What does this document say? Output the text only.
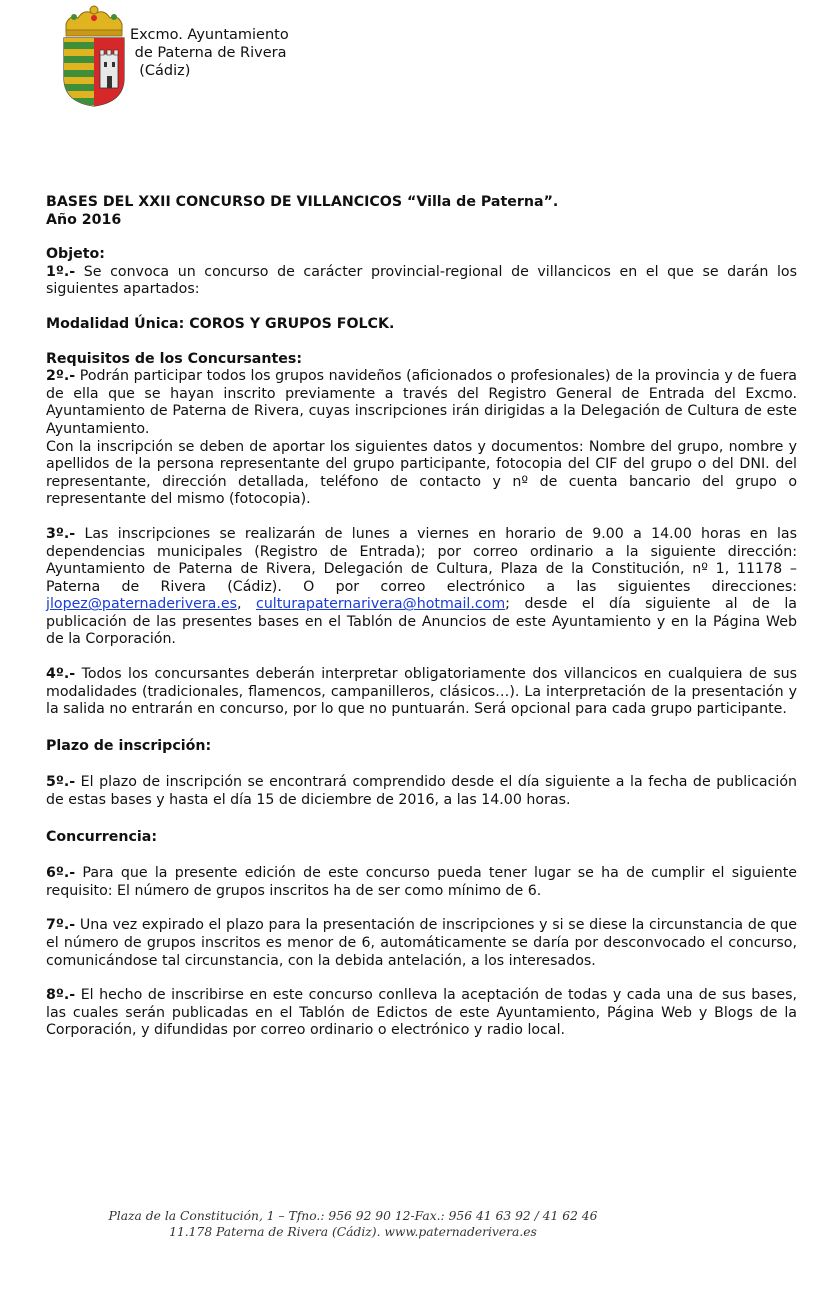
Excmo. Ayuntamiento
de Paterna de Rivera
(Cádiz)

BASES DEL XXII CONCURSO DE VILLANCICOS “Villa de Paterna”.
Año 2016

Objeto:

1º.- Se convoca un concurso de carácter provincial-regional de villancicos en el que se darán los siguientes apartados:

Modalidad Única: COROS Y GRUPOS FOLCK.

Requisitos de los Concursantes:

2º.- Podrán participar todos los grupos navideños (aficionados o profesionales) de la provincia y de fuera de ella que se hayan inscrito previamente a través del Registro General de Entrada del Excmo. Ayuntamiento de Paterna de Rivera, cuyas inscripciones irán dirigidas a la Delegación de Cultura de este Ayuntamiento.

Con la inscripción se deben de aportar los siguientes datos y documentos: Nombre del grupo, nombre y apellidos de la persona representante del grupo participante, fotocopia del CIF del grupo o del DNI. del representante, dirección detallada, teléfono de contacto y nº de cuenta bancario del grupo o representante del mismo (fotocopia).

3º.- Las inscripciones se realizarán de lunes a viernes en horario de 9.00 a 14.00 horas en las dependencias municipales (Registro de Entrada); por correo ordinario a la siguiente dirección: Ayuntamiento de Paterna de Rivera, Delegación de Cultura, Plaza de la Constitución, nº 1, 11178 – Paterna de Rivera (Cádiz). O por correo electrónico a las siguientes direcciones: jlopez@paternaderivera.es, culturapaternarivera@hotmail.com; desde el día siguiente al de la publicación de las presentes bases en el Tablón de Anuncios de este Ayuntamiento y en la Página Web de la Corporación.

4º.- Todos los concursantes deberán interpretar obligatoriamente dos villancicos en cualquiera de sus modalidades (tradicionales, flamencos, campanilleros, clásicos…). La interpretación de la presentación y la salida no entrarán en concurso, por lo que no puntuarán. Será opcional para cada grupo participante.

Plazo de inscripción:

5º.- El plazo de inscripción se encontrará comprendido desde el día siguiente a la fecha de publicación de estas bases y hasta el día 15 de diciembre de 2016, a las 14.00 horas.

Concurrencia:

6º.- Para que la presente edición de este concurso pueda tener lugar se ha de cumplir el siguiente requisito: El número de grupos inscritos ha de ser como mínimo de 6.

7º.- Una vez expirado el plazo para la presentación de inscripciones y si se diese la circunstancia de que el número de grupos inscritos es menor de 6, automáticamente se daría por desconvocado el concurso, comunicándose tal circunstancia, con la debida antelación, a los interesados.

8º.- El hecho de inscribirse en este concurso conlleva la aceptación de todas y cada una de sus bases, las cuales serán publicadas en el Tablón de Edictos de este Ayuntamiento, Página Web y Blogs de la Corporación, y difundidas por correo ordinario o electrónico y radio local.

Plaza de la Constitución, 1 – Tfno.: 956 92 90 12-Fax.: 956 41 63 92 / 41 62 46
11.178 Paterna de Rivera (Cádiz). www.paternaderivera.es
